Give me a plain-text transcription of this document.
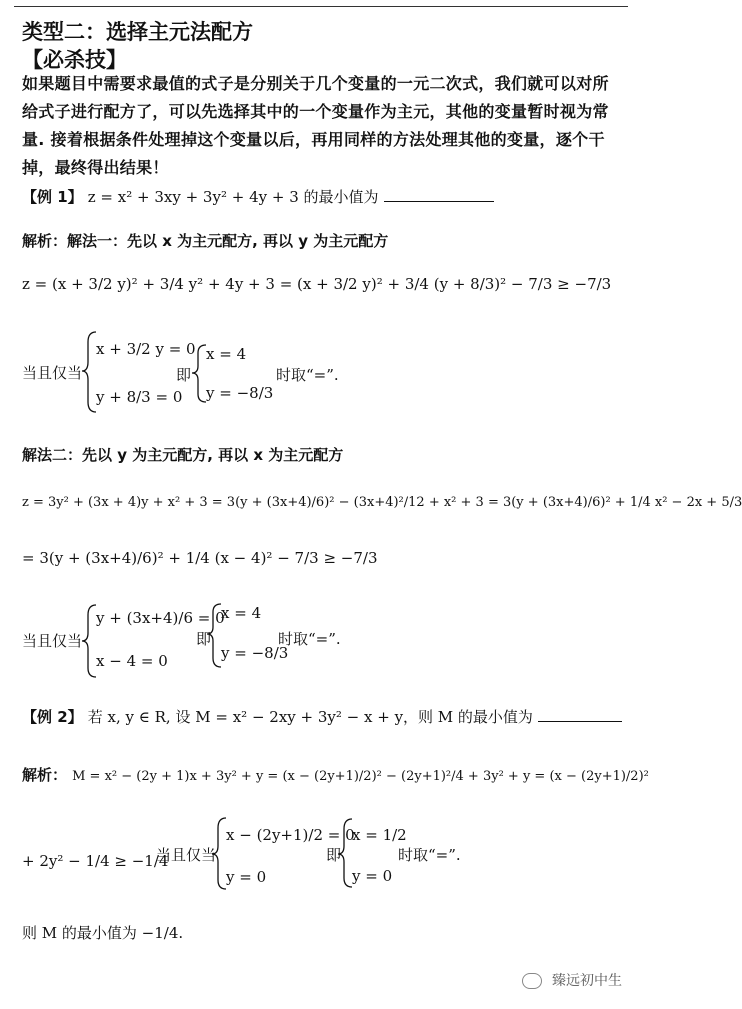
类型二：选择主元法配方
【必杀技】
如果题目中需要求最值的式子是分别关于几个变量的一元二次式，我们就可以对所给式子进行配方了，可以先选择其中的一个变量作为主元，其他的变量暂时视为常量. 接着根据条件处理掉这个变量以后，再用同样的方法处理其他的变量，逐个干掉，最终得出结果！
【例 1】 z = x² + 3xy + 3y² + 4y + 3 的最小值为
解析：解法一：先以 x 为主元配方, 再以 y 为主元配方
z = (x + 3/2 y)² + 3/4 y² + 4y + 3 = (x + 3/2 y)² + 3/4 (y + 8/3)² − 7/3 ≥ −7/3
当且仅当
x + 3/2 y = 0
y + 8/3 = 0
即
x = 4
y = −8/3
时取“=”.
解法二：先以 y 为主元配方, 再以 x 为主元配方
z = 3y² + (3x + 4)y + x² + 3 = 3(y + (3x+4)/6)² − (3x+4)²/12 + x² + 3 = 3(y + (3x+4)/6)² + 1/4 x² − 2x + 5/3
= 3(y + (3x+4)/6)² + 1/4 (x − 4)² − 7/3 ≥ −7/3
当且仅当
y + (3x+4)/6 = 0
x − 4 = 0
即
x = 4
y = −8/3
时取“=”.
【例 2】 若 x, y ∈ R, 设 M = x² − 2xy + 3y² − x + y，则 M 的最小值为
解析： M = x² − (2y + 1)x + 3y² + y = (x − (2y+1)/2)² − (2y+1)²/4 + 3y² + y = (x − (2y+1)/2)²
+ 2y² − 1/4 ≥ −1/4
当且仅当
x − (2y+1)/2 = 0
y = 0
即
x = 1/2
y = 0
时取“=”.
则 M 的最小值为 −1/4.
臻远初中生
